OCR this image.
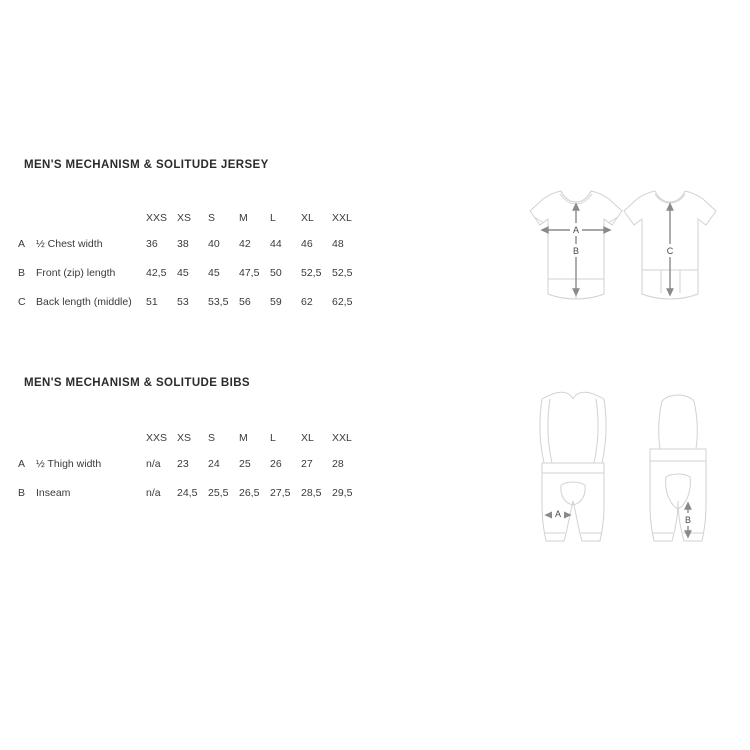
MEN'S MECHANISM & SOLITUDE JERSEY
		XXS	XS	S	M	L	XL	XXL
A	½ Chest width	36	38	40	42	44	46	48
B	Front (zip) length	42,5	45	45	47,5	50	52,5	52,5
C	Back length (middle)	51	53	53,5	56	59	62	62,5
A
B	C
MEN'S MECHANISM & SOLITUDE BIBS
		XXS	XS	S	M	L	XL	XXL
A	½ Thigh width	n/a	23	24	25	26	27	28
B	Inseam	n/a	24,5	25,5	26,5	27,5	28,5	29,5
A
B
